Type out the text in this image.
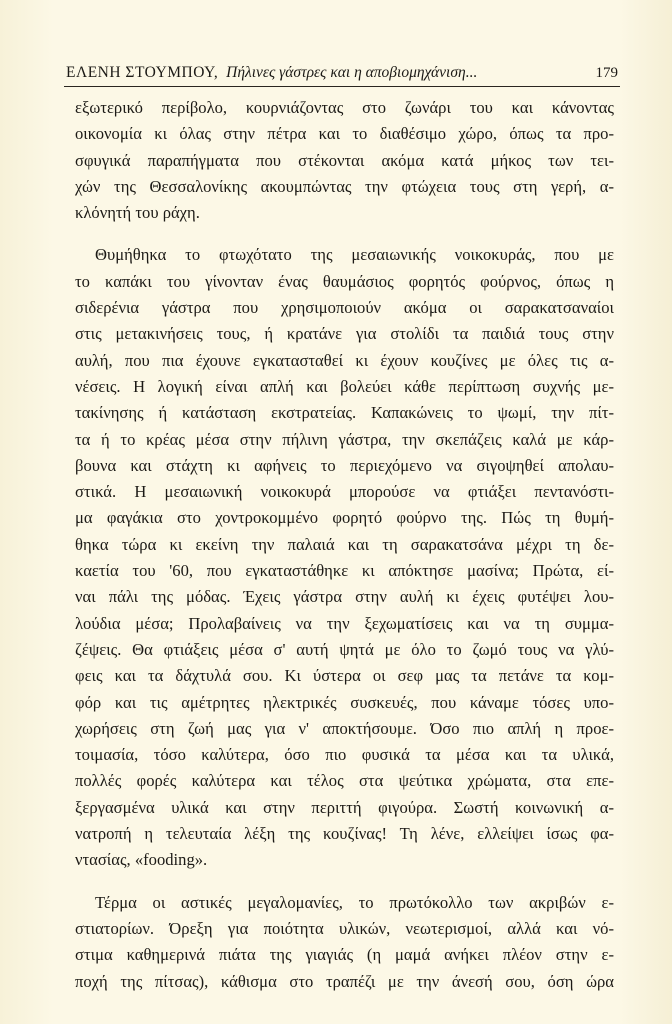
ΕΛΕΝΗ ΣΤΟΥΜΠΟΥ, Πήλινες γάστρες και η αποβιομηχάνιση...	179

εξωτερικό περίβολο, κουρνιάζοντας στο ζωνάρι του και κάνοντας

οικονομία κι όλας στην πέτρα και το διαθέσιμο χώρο, όπως τα προ-

σφυγικά παραπήγματα που στέκονται ακόμα κατά μήκος των τει-

χών της Θεσσαλονίκης ακουμπώντας την φτώχεια τους στη γερή, α-

κλόνητή του ράχη.

Θυμήθηκα το φτωχότατο της μεσαιωνικής νοικοκυράς, που με

το καπάκι του γίνονταν ένας θαυμάσιος φορητός φούρνος, όπως η

σιδερένια γάστρα που χρησιμοποιούν ακόμα οι σαρακατσαναίοι

στις μετακινήσεις τους, ή κρατάνε για στολίδι τα παιδιά τους στην

αυλή, που πια έχουνε εγκατασταθεί κι έχουν κουζίνες με όλες τις α-

νέσεις. Η λογική είναι απλή και βολεύει κάθε περίπτωση συχνής με-

τακίνησης ή κατάσταση εκστρατείας. Καπακώνεις το ψωμί, την πίτ-

τα ή το κρέας μέσα στην πήλινη γάστρα, την σκεπάζεις καλά με κάρ-

βουνα και στάχτη κι αφήνεις το περιεχόμενο να σιγοψηθεί απολαυ-

στικά. Η μεσαιωνική νοικοκυρά μπορούσε να φτιάξει πεντανόστι-

μα φαγάκια στο χοντροκομμένο φορητό φούρνο της. Πώς τη θυμή-

θηκα τώρα κι εκείνη την παλαιά και τη σαρακατσάνα μέχρι τη δε-

καετία του '60, που εγκαταστάθηκε κι απόκτησε μασίνα; Πρώτα, εί-

ναι πάλι της μόδας. Έχεις γάστρα στην αυλή κι έχεις φυτέψει λου-

λούδια μέσα; Προλαβαίνεις να την ξεχωματίσεις και να τη συμμα-

ζέψεις. Θα φτιάξεις μέσα σ' αυτή ψητά με όλο το ζωμό τους να γλύ-

φεις και τα δάχτυλά σου. Κι ύστερα οι σεφ μας τα πετάνε τα κομ-

φόρ και τις αμέτρητες ηλεκτρικές συσκευές, που κάναμε τόσες υπο-

χωρήσεις στη ζωή μας για ν' αποκτήσουμε. Όσο πιο απλή η προε-

τοιμασία, τόσο καλύτερα, όσο πιο φυσικά τα μέσα και τα υλικά,

πολλές φορές καλύτερα και τέλος στα ψεύτικα χρώματα, στα επε-

ξεργασμένα υλικά και στην περιττή φιγούρα. Σωστή κοινωνική α-

νατροπή η τελευταία λέξη της κουζίνας! Τη λένε, ελλείψει ίσως φα-

ντασίας, «fooding».

Τέρμα οι αστικές μεγαλομανίες, το πρωτόκολλο των ακριβών ε-

στιατορίων. Όρεξη για ποιότητα υλικών, νεωτερισμοί, αλλά και νό-

στιμα καθημερινά πιάτα της γιαγιάς (η μαμά ανήκει πλέον στην ε-

ποχή της πίτσας), κάθισμα στο τραπέζι με την άνεσή σου, όση ώρα
